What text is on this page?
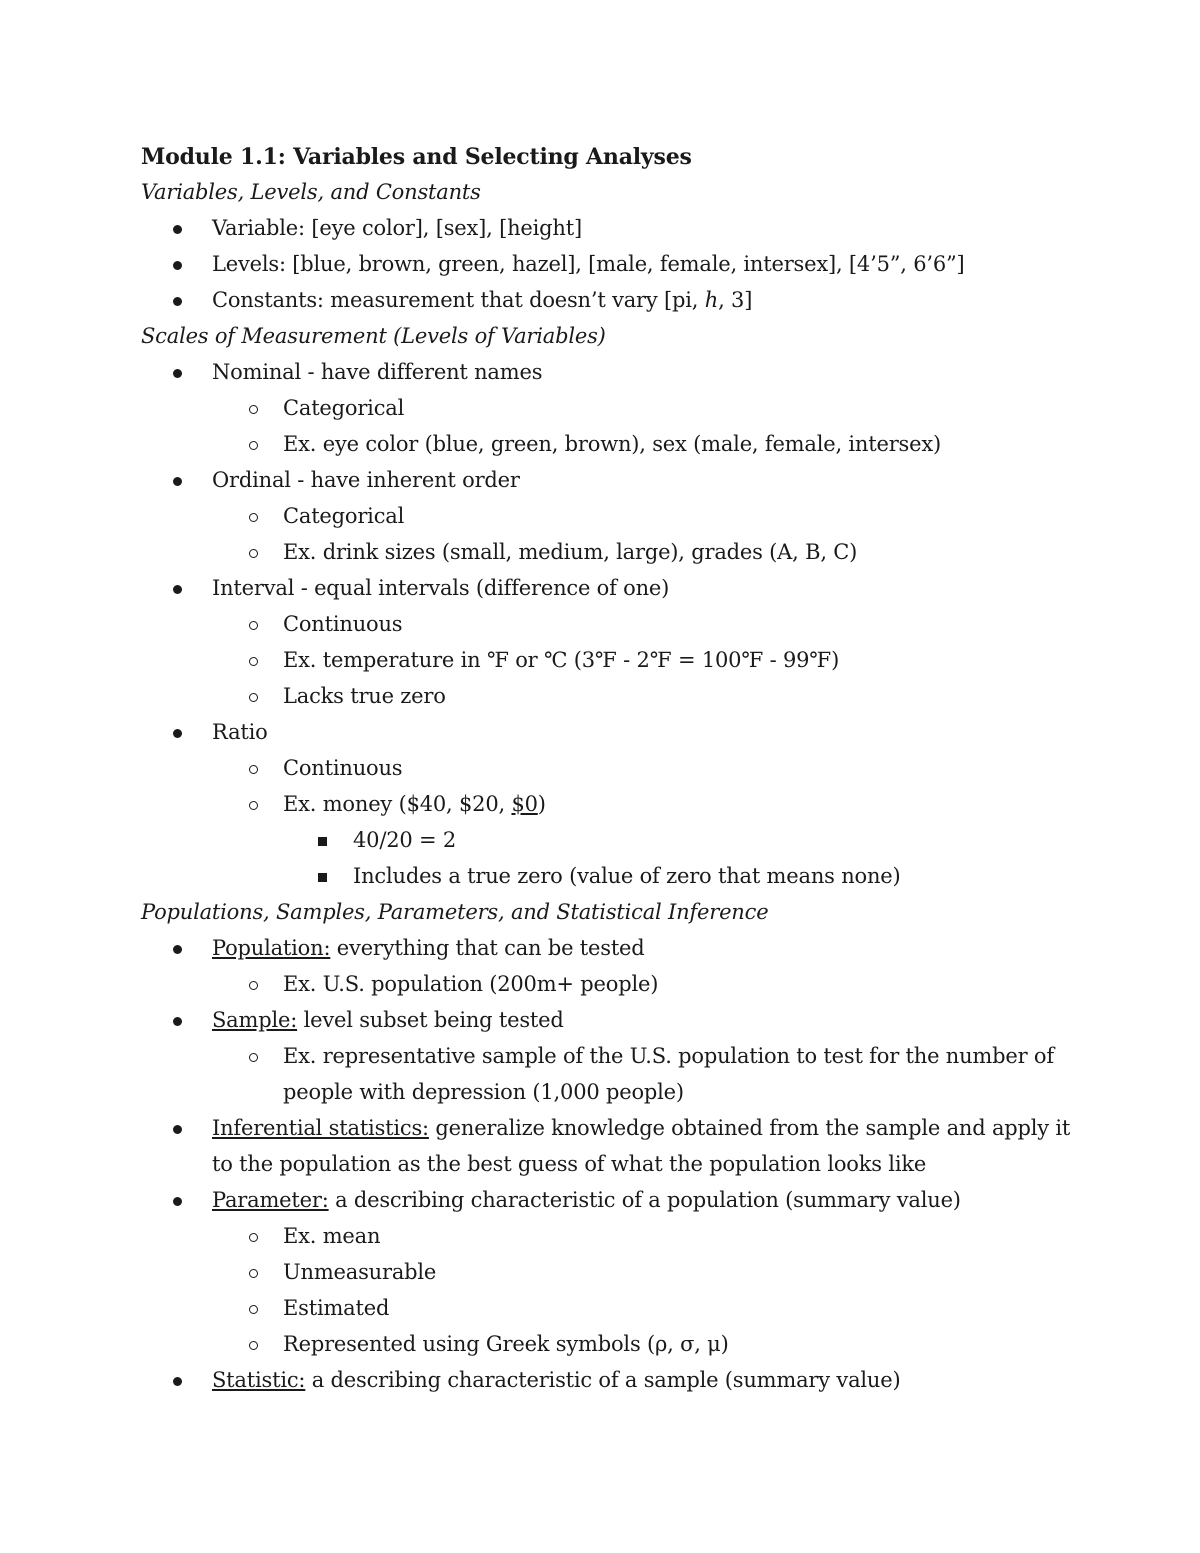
Module 1.1: Variables and Selecting Analyses
Variables, Levels, and Constants
Variable: [eye color], [sex], [height]
Levels: [blue, brown, green, hazel], [male, female, intersex], [4’5”, 6’6”]
Constants: measurement that doesn’t vary [pi, h, 3]
Scales of Measurement (Levels of Variables)
Nominal - have different names
Categorical
Ex. eye color (blue, green, brown), sex (male, female, intersex)
Ordinal - have inherent order
Categorical
Ex. drink sizes (small, medium, large), grades (A, B, C)
Interval - equal intervals (difference of one)
Continuous
Ex. temperature in ℉ or ℃ (3℉ - 2℉ = 100℉ - 99℉)
Lacks true zero
Ratio
Continuous
Ex. money ($40, $20, $0)
40/20 = 2
Includes a true zero (value of zero that means none)
Populations, Samples, Parameters, and Statistical Inference
Population: everything that can be tested
Ex. U.S. population (200m+ people)
Sample: level subset being tested
Ex. representative sample of the U.S. population to test for the number of people with depression (1,000 people)
Inferential statistics: generalize knowledge obtained from the sample and apply it to the population as the best guess of what the population looks like
Parameter: a describing characteristic of a population (summary value)
Ex. mean
Unmeasurable
Estimated
Represented using Greek symbols (ρ, σ, μ)
Statistic: a describing characteristic of a sample (summary value)
